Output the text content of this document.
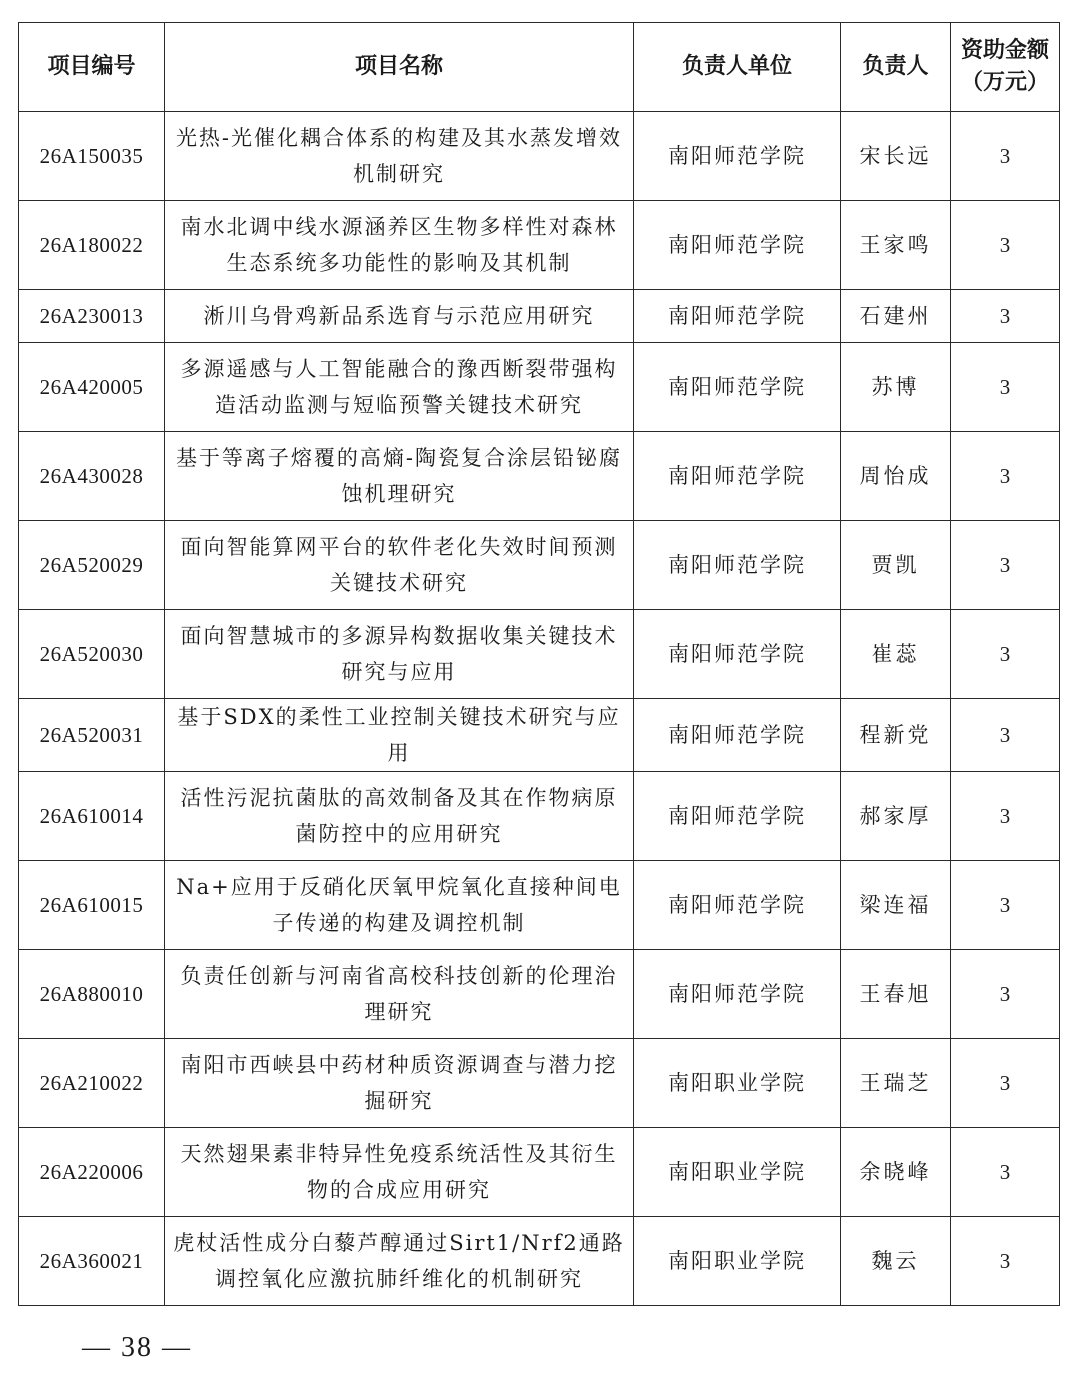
项目编号	项目名称	负责人单位	负责人	资助金额
（万元）

26A150035	光热-光催化耦合体系的构建及其水蒸发增效机制研究	南阳师范学院	宋长远	3
26A180022	南水北调中线水源涵养区生物多样性对森林生态系统多功能性的影响及其机制	南阳师范学院	王家鸣	3
26A230013	淅川乌骨鸡新品系选育与示范应用研究	南阳师范学院	石建州	3
26A420005	多源遥感与人工智能融合的豫西断裂带强构造活动监测与短临预警关键技术研究	南阳师范学院	苏博	3
26A430028	基于等离子熔覆的高熵-陶瓷复合涂层铅铋腐蚀机理研究	南阳师范学院	周怡成	3
26A520029	面向智能算网平台的软件老化失效时间预测关键技术研究	南阳师范学院	贾凯	3
26A520030	面向智慧城市的多源异构数据收集关键技术研究与应用	南阳师范学院	崔蕊	3
26A520031	基于SDX的柔性工业控制关键技术研究与应用	南阳师范学院	程新党	3
26A610014	活性污泥抗菌肽的高效制备及其在作物病原菌防控中的应用研究	南阳师范学院	郝家厚	3
26A610015	Na+应用于反硝化厌氧甲烷氧化直接种间电子传递的构建及调控机制	南阳师范学院	梁连福	3
26A880010	负责任创新与河南省高校科技创新的伦理治理研究	南阳师范学院	王春旭	3
26A210022	南阳市西峡县中药材种质资源调查与潜力挖掘研究	南阳职业学院	王瑞芝	3
26A220006	天然翅果素非特异性免疫系统活性及其衍生物的合成应用研究	南阳职业学院	余晓峰	3
26A360021	虎杖活性成分白藜芦醇通过Sirt1/Nrf2通路调控氧化应激抗肺纤维化的机制研究	南阳职业学院	魏云	3
— 38 —
